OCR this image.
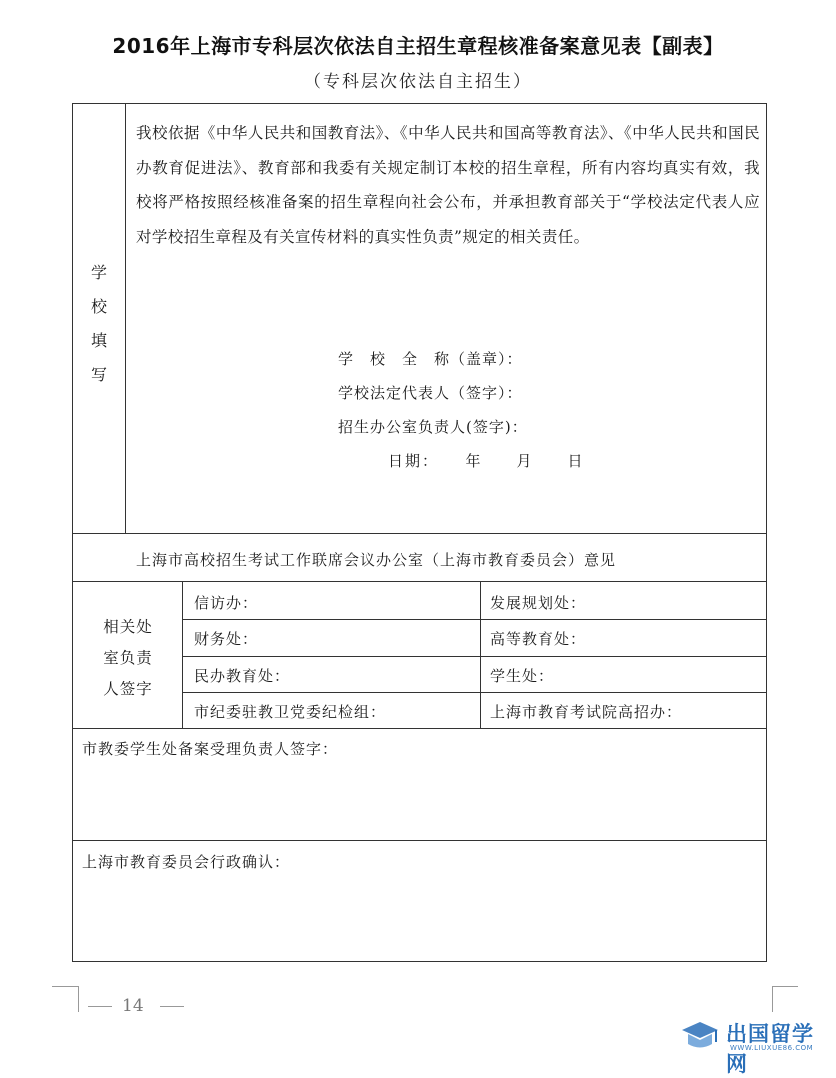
2016年上海市专科层次依法自主招生章程核准备案意见表【副表】
（专科层次依法自主招生）
学
校
填
写
我校依据《中华人民共和国教育法》、《中华人民共和国高等教育法》、《中华人民共和国民办教育促进法》、教育部和我委有关规定制订本校的招生章程，所有内容均真实有效，我校将严格按照经核准备案的招生章程向社会公布，并承担教育部关于“学校法定代表人应对学校招生章程及有关宣传材料的真实性负责”规定的相关责任。
学　校　全　称（盖章）：
学校法定代表人（签字）：
招生办公室负责人(签字)：
日期：　　年　　月　　日
上海市高校招生考试工作联席会议办公室（上海市教育委员会）意见
相关处
室负责
人签字
信访办：	发展规划处：
财务处：	高等教育处：
民办教育处：	学生处：
市纪委驻教卫党委纪检组：	上海市教育考试院高招办：
市教委学生处备案受理负责人签字：
上海市教育委员会行政确认：
14
出国留学网
WWW.LIUXUE86.COM
